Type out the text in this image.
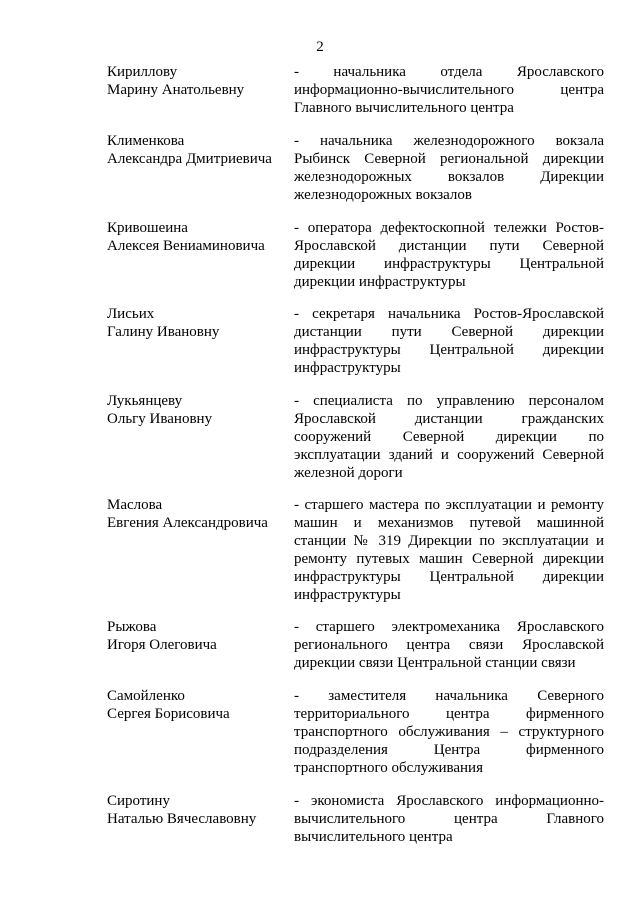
2
Кириллову
Марину Анатольевну
- начальника отдела Ярославского
информационно-вычислительного центра
Главного вычислительного центра
Клименкова
Александра Дмитриевича
- начальника железнодорожного вокзала
Рыбинск Северной региональной дирекции
железнодорожных вокзалов Дирекции
железнодорожных вокзалов
Кривошеина
Алексея Вениаминовича
- оператора дефектоскопной тележки Ростов-
Ярославской дистанции пути Северной
дирекции инфраструктуры Центральной
дирекции инфраструктуры
Лисьих
Галину Ивановну
- секретаря начальника Ростов-Ярославской
дистанции пути Северной дирекции
инфраструктуры Центральной дирекции
инфраструктуры
Лукьянцеву
Ольгу Ивановну
- специалиста по управлению персоналом
Ярославской дистанции гражданских
сооружений Северной дирекции по
эксплуатации зданий и сооружений Северной
железной дороги
Маслова
Евгения Александровича
- старшего мастера по эксплуатации и ремонту
машин и механизмов путевой машинной
станции № 319 Дирекции по эксплуатации и
ремонту путевых машин Северной дирекции
инфраструктуры Центральной дирекции
инфраструктуры
Рыжова
Игоря Олеговича
- старшего электромеханика Ярославского
регионального центра связи Ярославской
дирекции связи Центральной станции связи
Самойленко
Сергея Борисовича
- заместителя начальника Северного
территориального центра фирменного
транспортного обслуживания – структурного
подразделения Центра фирменного
транспортного обслуживания
Сиротину
Наталью Вячеславовну
- экономиста Ярославского информационно-
вычислительного центра Главного
вычислительного центра
